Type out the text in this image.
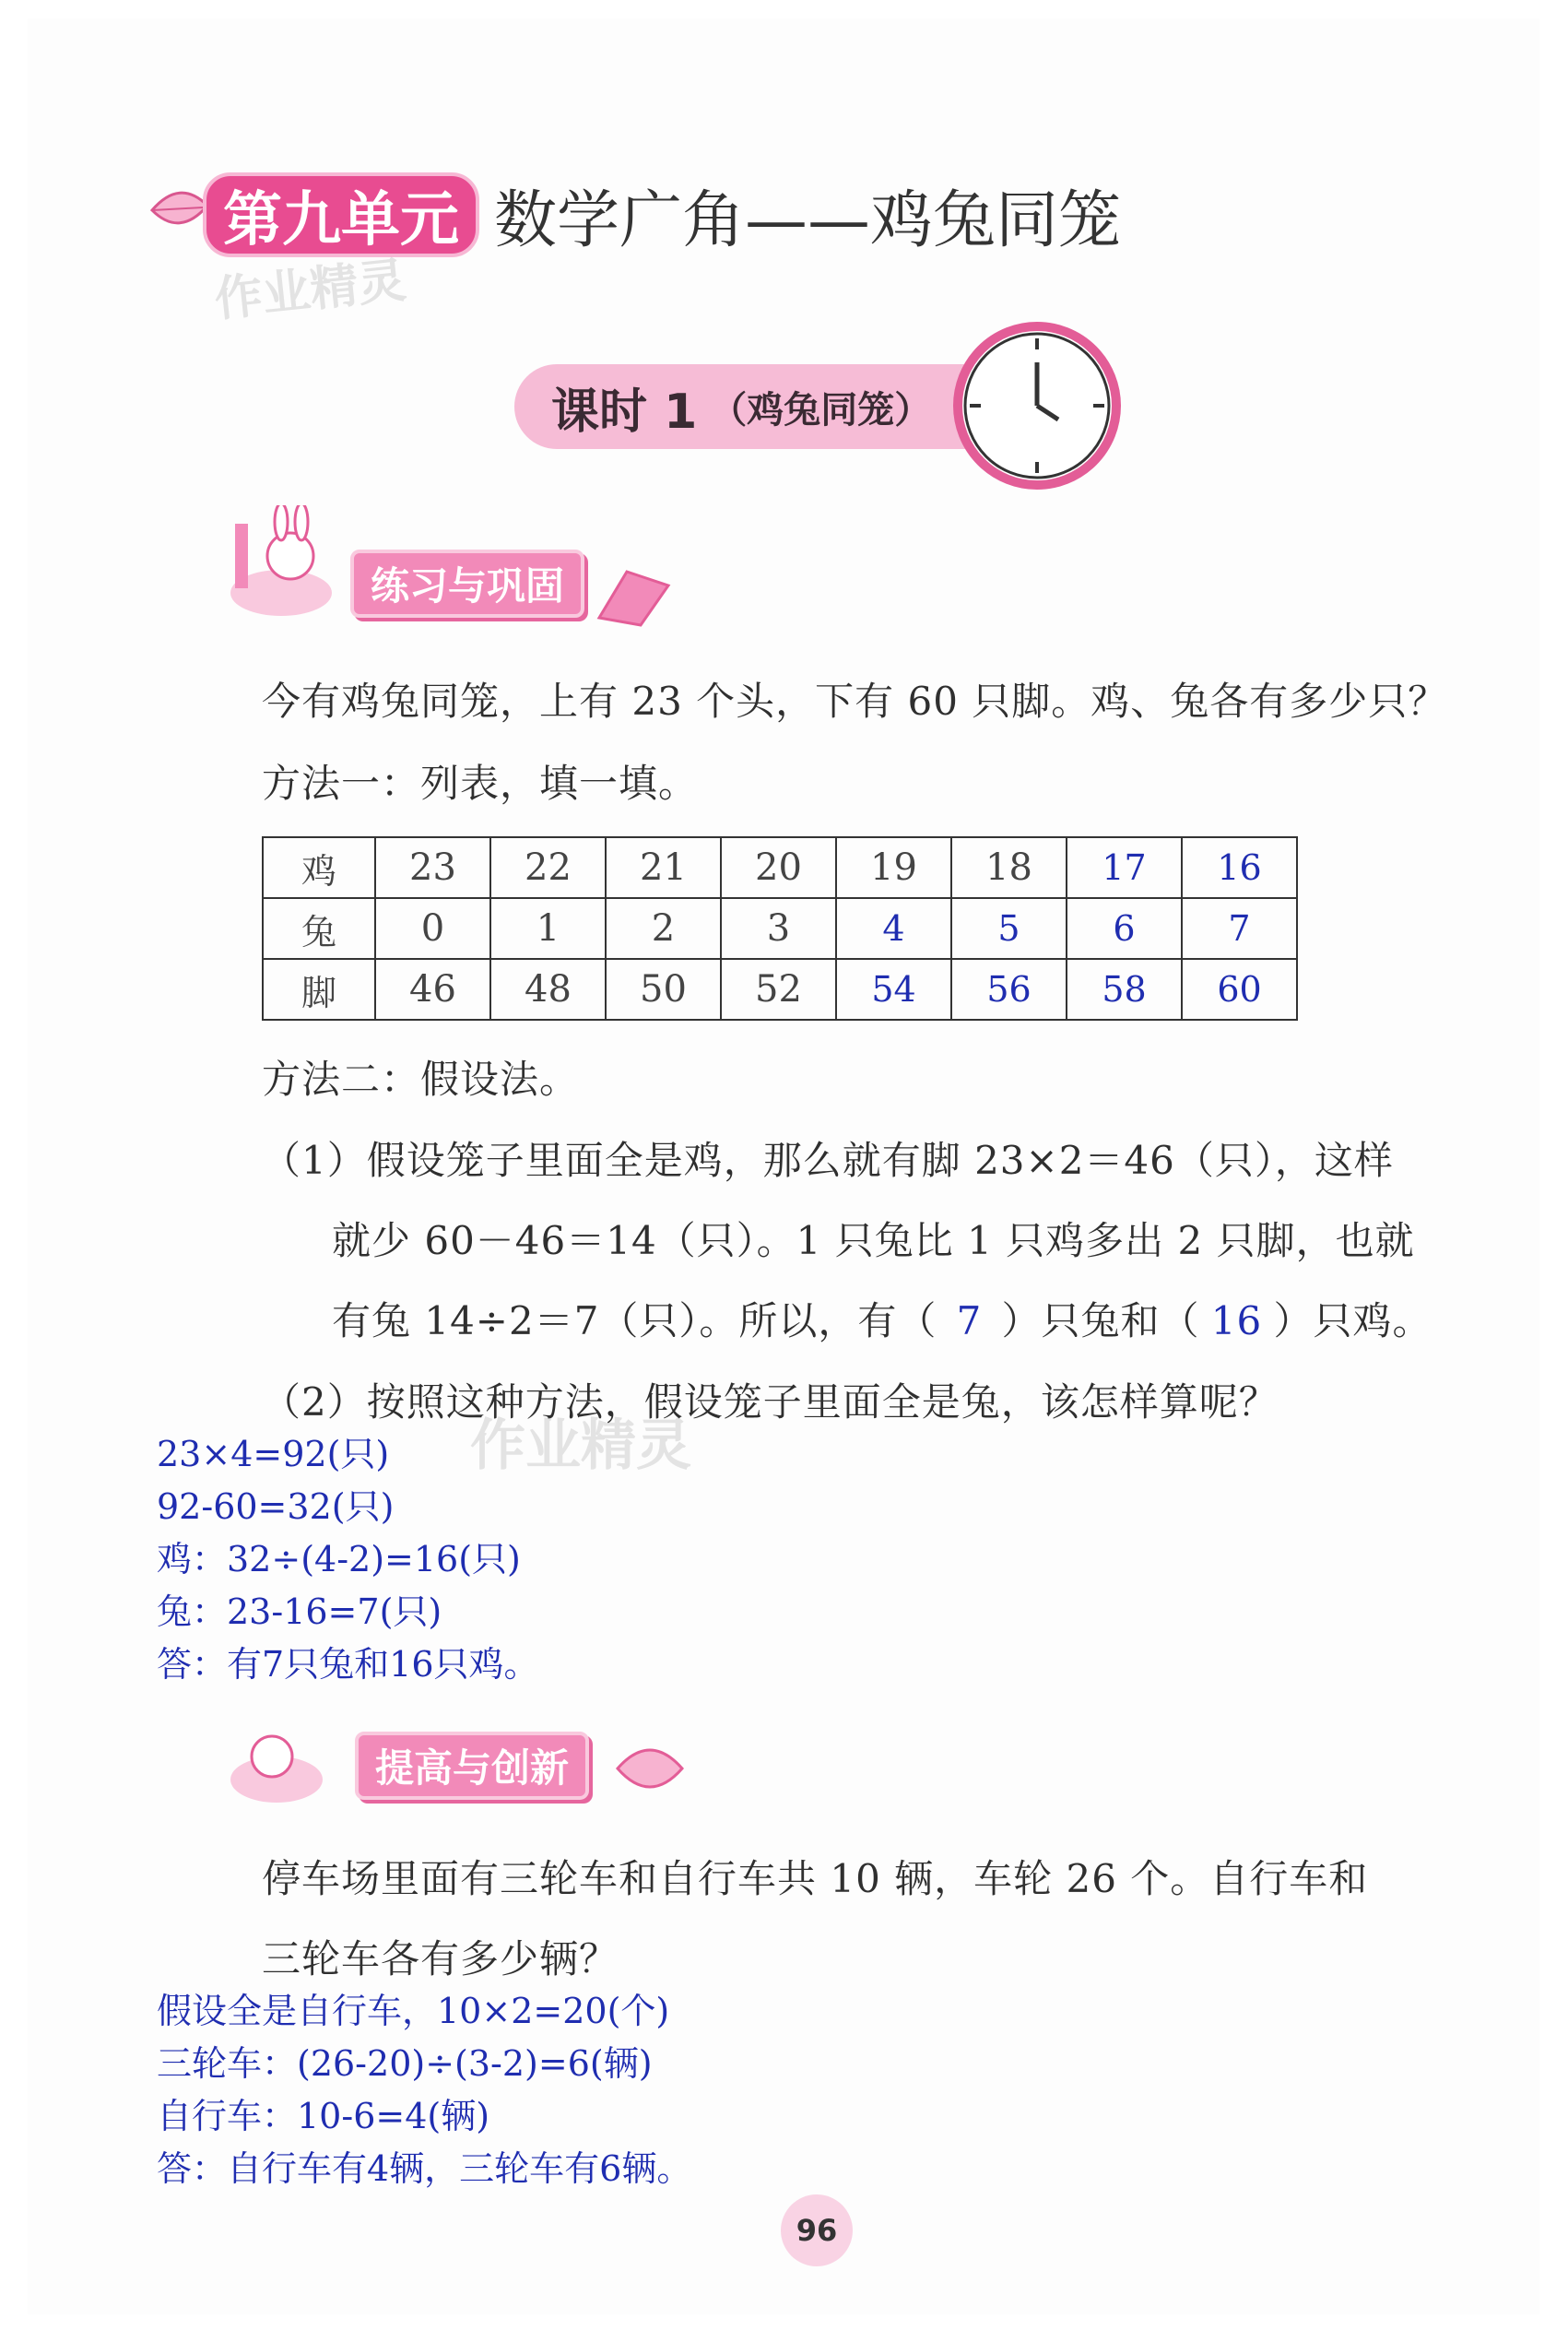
第九单元 数学广角——鸡兔同笼
作业精灵
课时 1 （鸡兔同笼）
练习与巩固
今有鸡兔同笼，上有 23 个头，下有 60 只脚。鸡、兔各有多少只？
方法一：列表，填一填。
鸡	23	22	21	20	19	18	17	16
兔	0	1	2	3	4	5	6	7
脚	46	48	50	52	54	56	58	60
方法二：假设法。
（1）假设笼子里面全是鸡，那么就有脚 23×2＝46（只），这样
就少 60－46＝14（只）。1 只兔比 1 只鸡多出 2 只脚，也就
有兔 14÷2＝7（只）。所以，有（ 7 ）只兔和（ 16 ）只鸡。
（2）按照这种方法，假设笼子里面全是兔，该怎样算呢？
作业精灵
23×4=92(只)
92-60=32(只)
鸡：32÷(4-2)=16(只)
兔：23-16=7(只)
答：有7只兔和16只鸡。
提高与创新
停车场里面有三轮车和自行车共 10 辆，车轮 26 个。自行车和
三轮车各有多少辆？
假设全是自行车，10×2=20(个)
三轮车：(26-20)÷(3-2)=6(辆)
自行车：10-6=4(辆)
答：自行车有4辆，三轮车有6辆。
96
